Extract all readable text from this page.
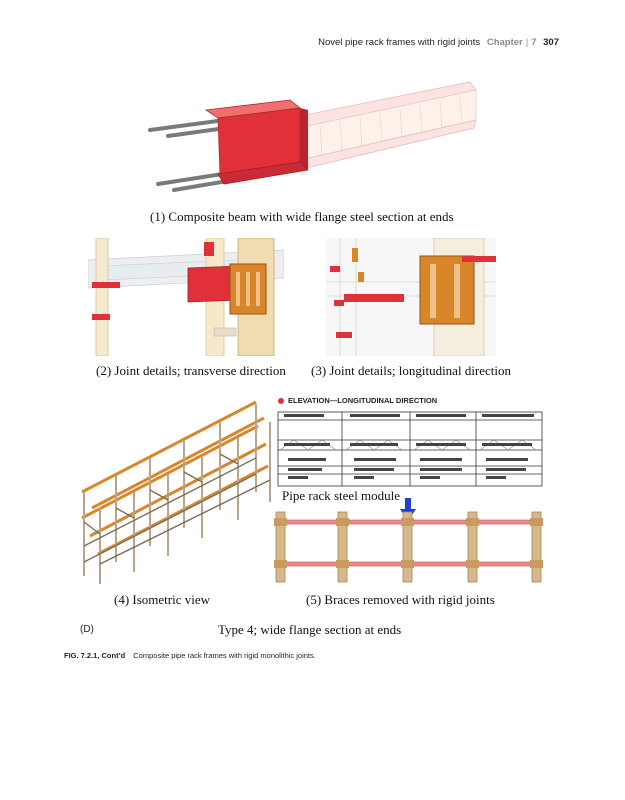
Novel pipe rack frames with rigid joints Chapter | 7 307
(1) Composite beam with wide flange steel section at ends
(2) Joint details; transverse direction (3) Joint details; longitudinal direction
(4) Isometric view
ELEVATION—LONGITUDINAL DIRECTION
Pipe rack steel module
(5) Braces removed with rigid joints
(D)	Type 4; wide flange section at ends
FIG. 7.2.1, Cont’d Composite pipe rack frames with rigid monolithic joints.
